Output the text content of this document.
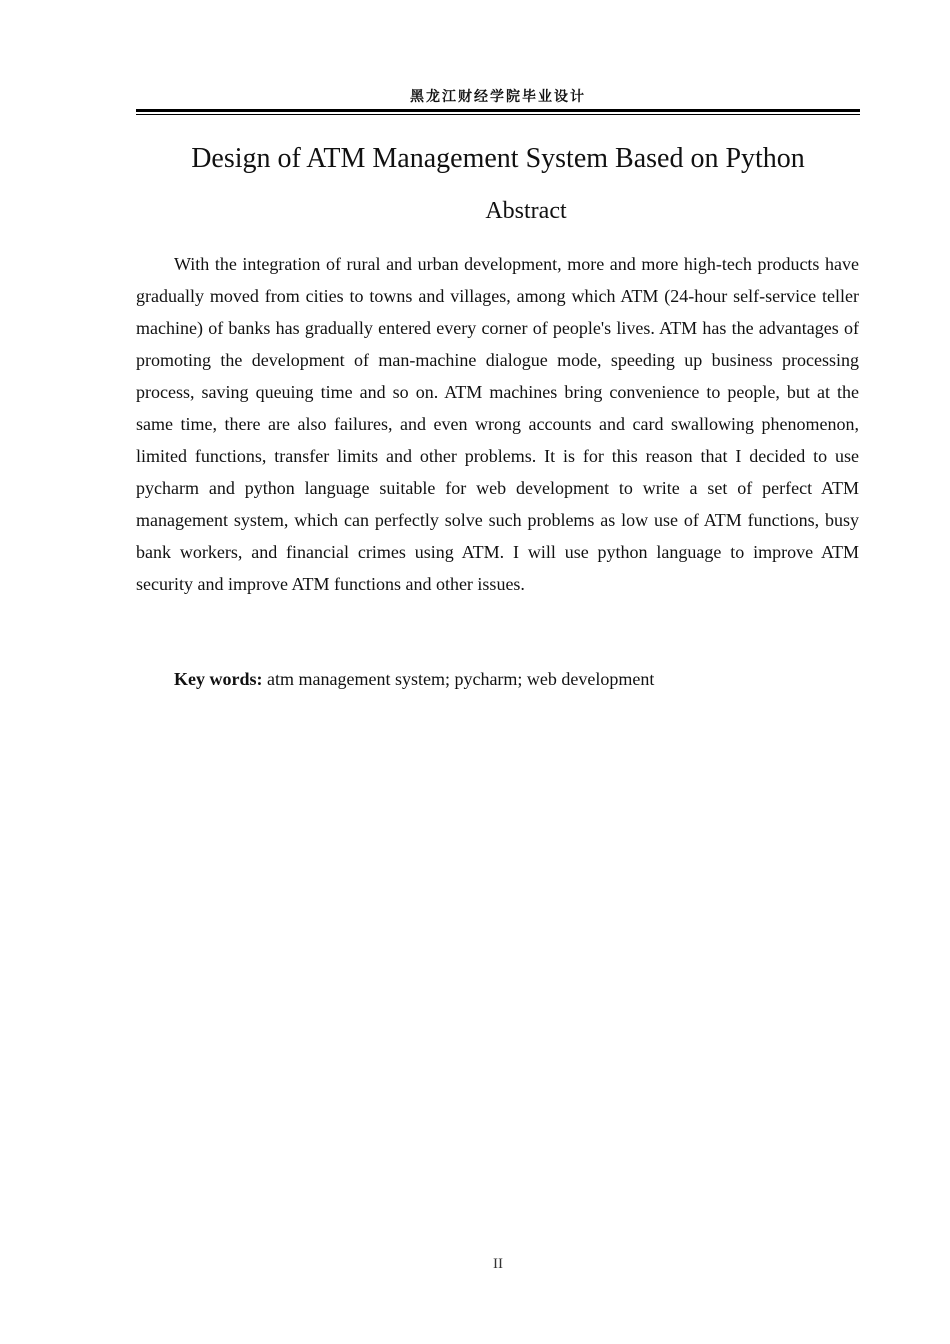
黑龙江财经学院毕业设计
Design of ATM Management System Based on Python
Abstract

With the integration of rural and urban development, more and more high-tech products have gradually moved from cities to towns and villages, among which ATM (24-hour self-service teller machine) of banks has gradually entered every corner of people's lives. ATM has the advantages of promoting the development of man-machine dialogue mode, speeding up business processing process, saving queuing time and so on. ATM machines bring convenience to people, but at the same time, there are also failures, and even wrong accounts and card swallowing phenomenon, limited functions, transfer limits and other problems. It is for this reason that I decided to use pycharm and python language suitable for web development to write a set of perfect ATM management system, which can perfectly solve such problems as low use of ATM functions, busy bank workers, and financial crimes using ATM. I will use python language to improve ATM security and improve ATM functions and other issues.

Key words: atm management system; pycharm; web development

II
